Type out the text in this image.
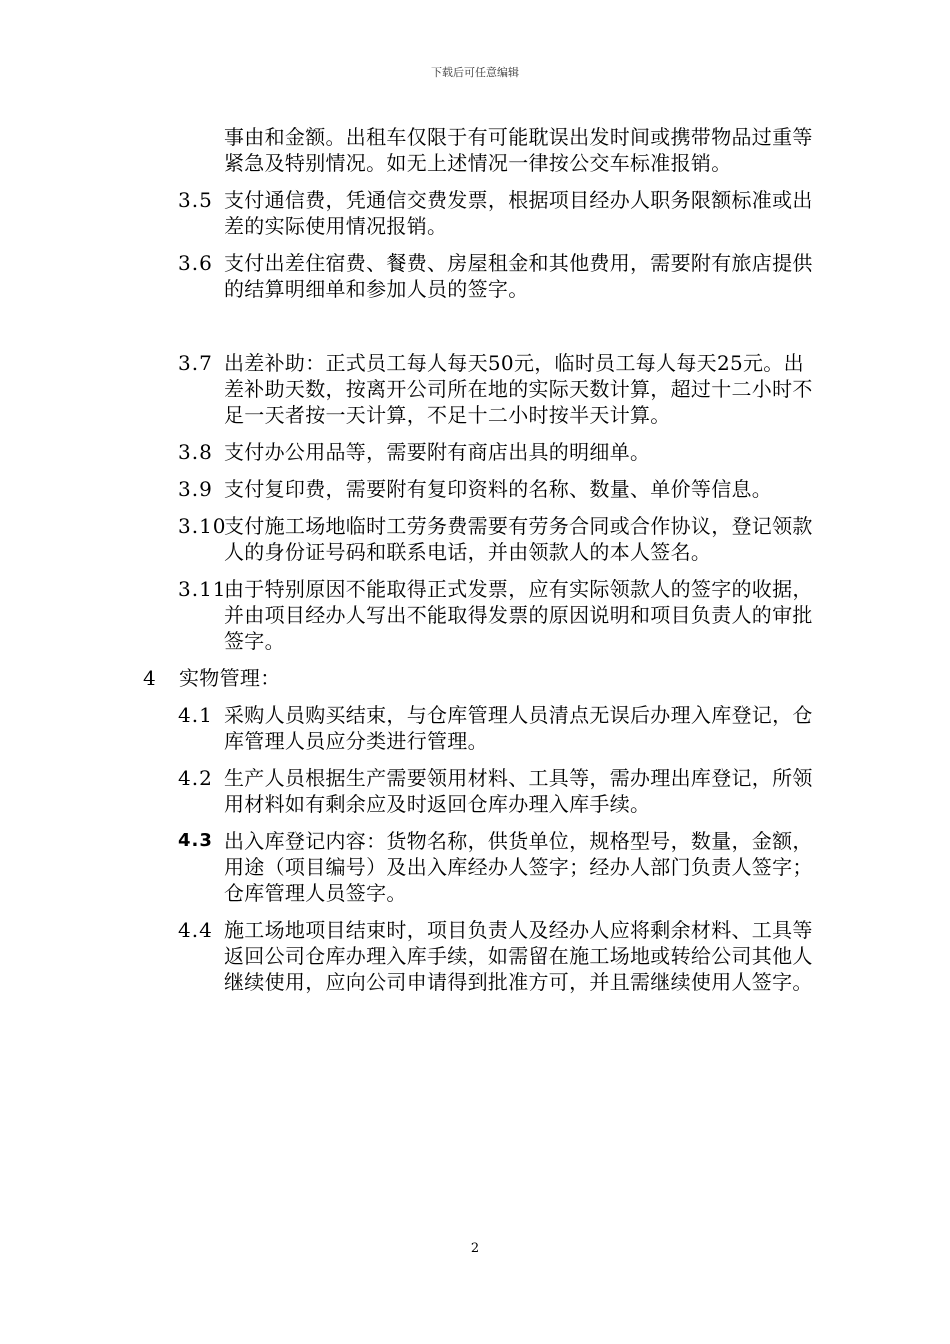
下载后可任意编辑
事由和金额。出租车仅限于有可能耽误出发时间或携带物品过重等紧急及特别情况。如无上述情况一律按公交车标准报销。
3.5 支付通信费，凭通信交费发票，根据项目经办人职务限额标准或出差的实际使用情况报销。
3.6 支付出差住宿费、餐费、房屋租金和其他费用，需要附有旅店提供的结算明细单和参加人员的签字。
3.7 出差补助：正式员工每人每天50元，临时员工每人每天25元。出差补助天数，按离开公司所在地的实际天数计算，超过十二小时不足一天者按一天计算，不足十二小时按半天计算。
3.8 支付办公用品等，需要附有商店出具的明细单。
3.9 支付复印费，需要附有复印资料的名称、数量、单价等信息。
3.10
支付施工场地临时工劳务费需要有劳务合同或合作协议，登记领款人的身份证号码和联系电话，并由领款人的本人签名。
3.11
由于特别原因不能取得正式发票，应有实际领款人的签字的收据，并由项目经办人写出不能取得发票的原因说明和项目负责人的审批签字。
4 实物管理：
4.1 采购人员购买结束，与仓库管理人员清点无误后办理入库登记，仓库管理人员应分类进行管理。
4.2 生产人员根据生产需要领用材料、工具等，需办理出库登记，所领用材料如有剩余应及时返回仓库办理入库手续。
4.3 出入库登记内容：货物名称，供货单位，规格型号，数量，金额，用途（项目编号）及出入库经办人签字；经办人部门负责人签字；仓库管理人员签字。
4.4 施工场地项目结束时，项目负责人及经办人应将剩余材料、工具等返回公司仓库办理入库手续，如需留在施工场地或转给公司其他人继续使用，应向公司申请得到批准方可，并且需继续使用人签字。
2
